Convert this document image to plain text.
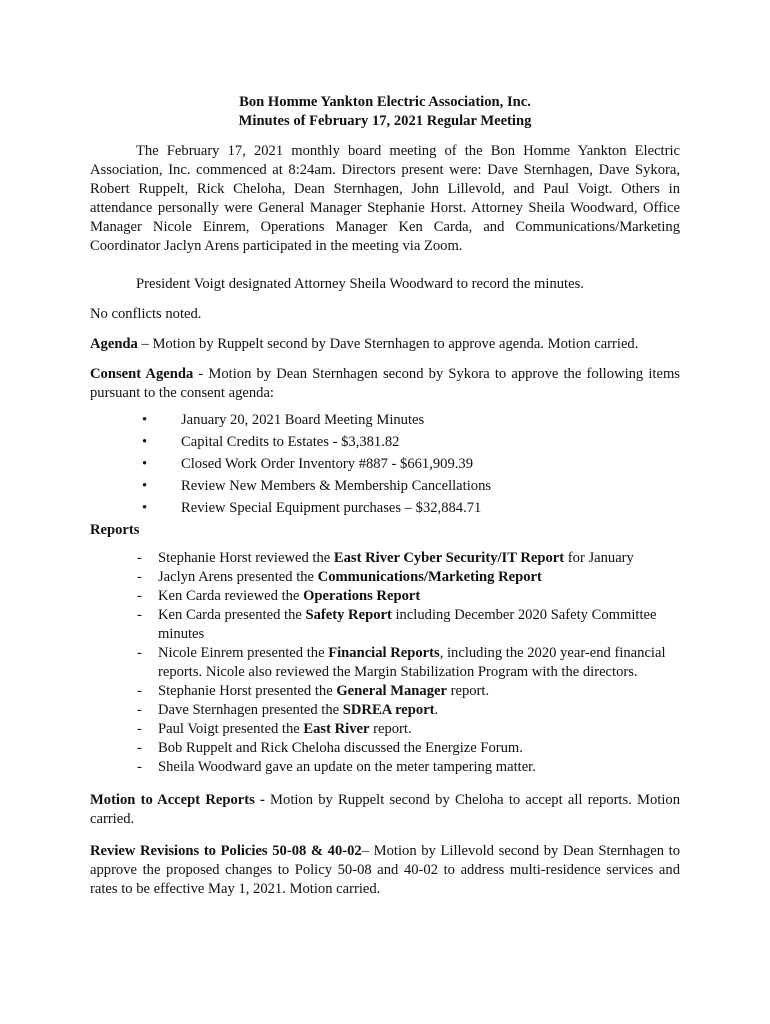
Bon Homme Yankton Electric Association, Inc.

Minutes of February 17, 2021 Regular Meeting

The February 17, 2021 monthly board meeting of the Bon Homme Yankton Electric Association, Inc. commenced at 8:24am. Directors present were: Dave Sternhagen, Dave Sykora, Robert Ruppelt, Rick Cheloha, Dean Sternhagen, John Lillevold, and Paul Voigt. Others in attendance personally were General Manager Stephanie Horst. Attorney Sheila Woodward, Office Manager Nicole Einrem, Operations Manager Ken Carda, and Communications/Marketing Coordinator Jaclyn Arens participated in the meeting via Zoom.

President Voigt designated Attorney Sheila Woodward to record the minutes.

No conflicts noted.

Agenda – Motion by Ruppelt second by Dave Sternhagen to approve agenda. Motion carried.

Consent Agenda - Motion by Dean Sternhagen second by Sykora to approve the following items pursuant to the consent agenda:

• January 20, 2021 Board Meeting Minutes
• Capital Credits to Estates - $3,381.82
• Closed Work Order Inventory #887 - $661,909.39
• Review New Members & Membership Cancellations
• Review Special Equipment purchases – $32,884.71

Reports

- Stephanie Horst reviewed the East River Cyber Security/IT Report for January
- Jaclyn Arens presented the Communications/Marketing Report
- Ken Carda reviewed the Operations Report
- Ken Carda presented the Safety Report including December 2020 Safety Committee minutes
- Nicole Einrem presented the Financial Reports, including the 2020 year-end financial reports. Nicole also reviewed the Margin Stabilization Program with the directors.
- Stephanie Horst presented the General Manager report.
- Dave Sternhagen presented the SDREA report.
- Paul Voigt presented the East River report.
- Bob Ruppelt and Rick Cheloha discussed the Energize Forum.
- Sheila Woodward gave an update on the meter tampering matter.

Motion to Accept Reports - Motion by Ruppelt second by Cheloha to accept all reports. Motion carried.

Review Revisions to Policies 50-08 & 40-02– Motion by Lillevold second by Dean Sternhagen to approve the proposed changes to Policy 50-08 and 40-02 to address multi-residence services and rates to be effective May 1, 2021. Motion carried.
